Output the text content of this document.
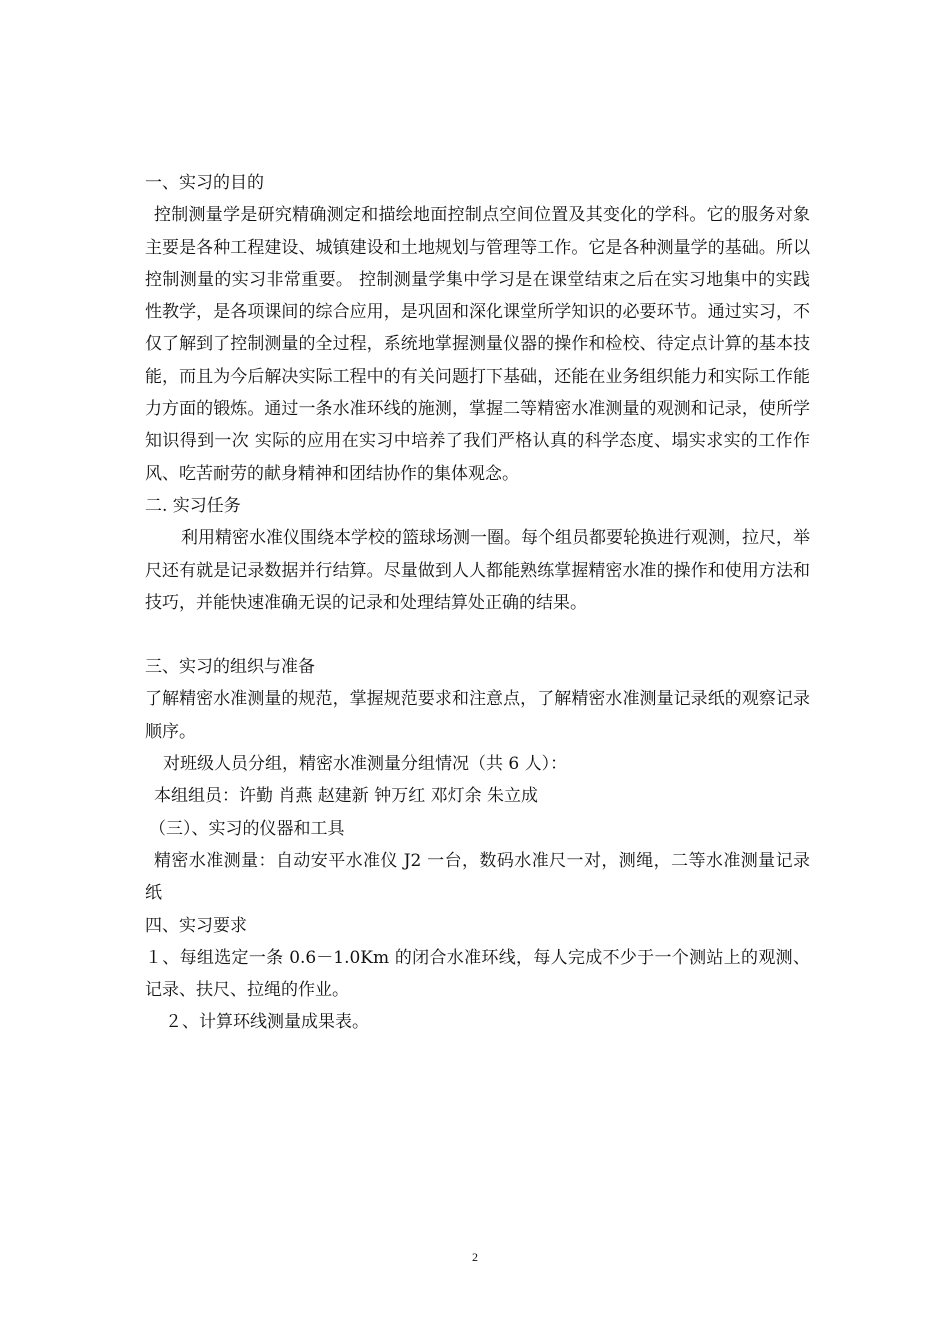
一、实习的目的

控制测量学是研究精确测定和描绘地面控制点空间位置及其变化的学科。它的服务对象主要是各种工程建设、城镇建设和土地规划与管理等工作。它是各种测量学的基础。所以控制测量的实习非常重要。 控制测量学集中学习是在课堂结束之后在实习地集中的实践性教学，是各项课间的综合应用，是巩固和深化课堂所学知识的必要环节。通过实习，不仅了解到了控制测量的全过程，系统地掌握测量仪器的操作和检校、待定点计算的基本技能，而且为今后解决实际工程中的有关问题打下基础，还能在业务组织能力和实际工作能力方面的锻炼。通过一条水准环线的施测，掌握二等精密水准测量的观测和记录，使所学知识得到一次 实际的应用在实习中培养了我们严格认真的科学态度、塌实求实的工作作风、吃苦耐劳的献身精神和团结协作的集体观念。

二. 实习任务

利用精密水准仪围绕本学校的篮球场测一圈。每个组员都要轮换进行观测，拉尺，举尺还有就是记录数据并行结算。尽量做到人人都能熟练掌握精密水准的操作和使用方法和技巧，并能快速准确无误的记录和处理结算处正确的结果。

三、实习的组织与准备

了解精密水准测量的规范，掌握规范要求和注意点，了解精密水准测量记录纸的观察记录顺序。

对班级人员分组，精密水准测量分组情况（共 6 人）：

本组组员：许勤 肖燕 赵建新 钟万红 邓灯余 朱立成

（三）、实习的仪器和工具

精密水准测量：自动安平水准仪 J2 一台，数码水准尺一对，测绳，二等水准测量记录纸

四、实习要求

１、每组选定一条 0.6－1.0Km 的闭合水准环线，每人完成不少于一个测站上的观测、记录、扶尺、拉绳的作业。

２、计算环线测量成果表。

2
